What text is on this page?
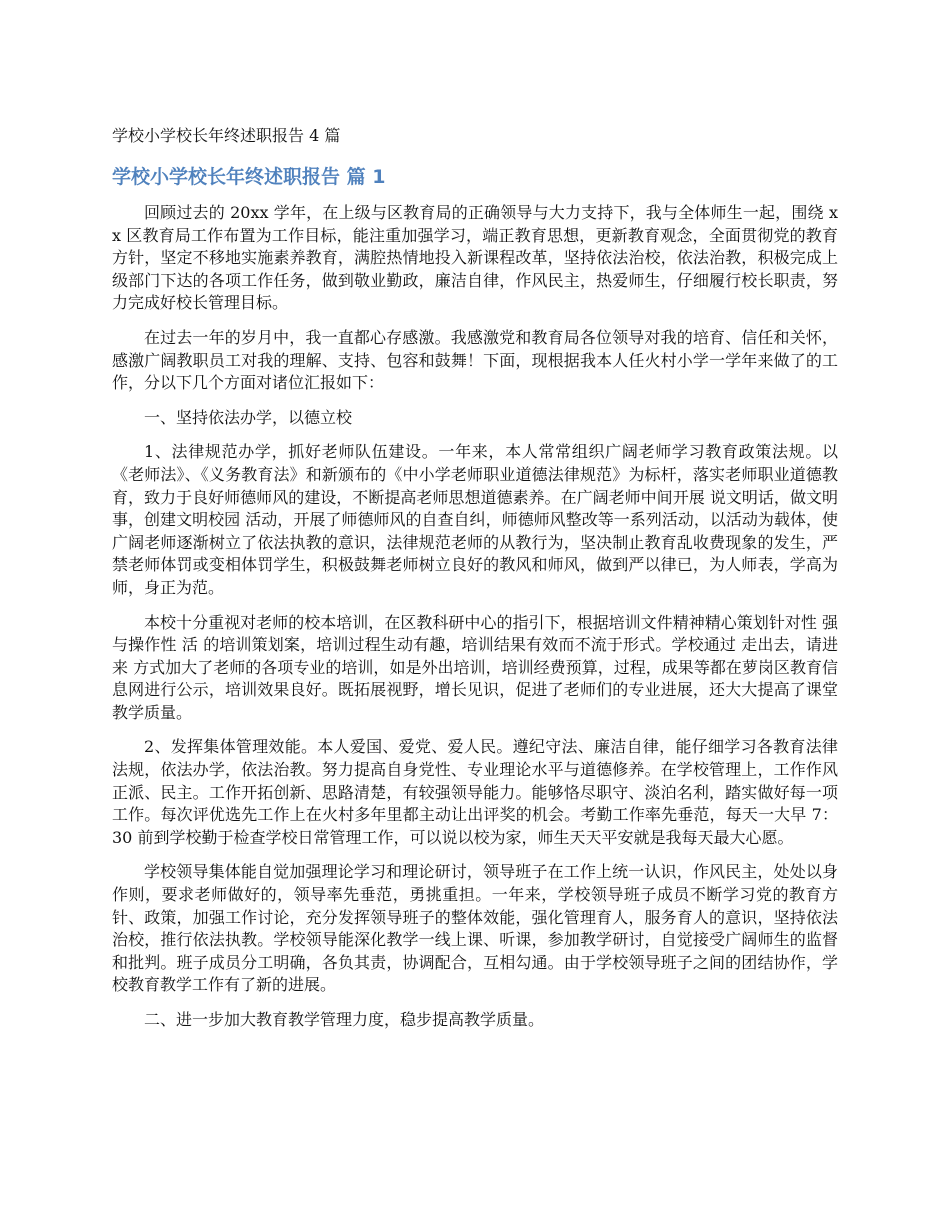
学校小学校长年终述职报告 4 篇
学校小学校长年终述职报告 篇 1

回顾过去的 20xx 学年，在上级与区教育局的正确领导与大力支持下，我与全体师生一起，围绕 xx 区教育局工作布置为工作目标，能注重加强学习，端正教育思想，更新教育观念，全面贯彻党的教育方针，坚定不移地实施素养教育，满腔热情地投入新课程改革，坚持依法治校，依法治教，积极完成上级部门下达的各项工作任务，做到敬业勤政，廉洁自律，作风民主，热爱师生，仔细履行校长职责，努力完成好校长管理目标。

在过去一年的岁月中，我一直都心存感激。我感激党和教育局各位领导对我的培育、信任和关怀，感激广阔教职员工对我的理解、支持、包容和鼓舞！下面，现根据我本人任火村小学一学年来做了的工作，分以下几个方面对诸位汇报如下：

一、坚持依法办学，以德立校

1、法律规范办学，抓好老师队伍建设。一年来，本人常常组织广阔老师学习教育政策法规。以《老师法》、《义务教育法》和新颁布的《中小学老师职业道德法律规范》为标杆，落实老师职业道德教育，致力于良好师德师风的建设，不断提高老师思想道德素养。在广阔老师中间开展 说文明话，做文明事，创建文明校园 活动，开展了师德师风的自查自纠，师德师风整改等一系列活动，以活动为载体，使广阔老师逐渐树立了依法执教的意识，法律规范老师的从教行为，坚决制止教育乱收费现象的发生，严禁老师体罚或变相体罚学生，积极鼓舞老师树立良好的教风和师风，做到严以律已，为人师表，学高为师，身正为范。

本校十分重视对老师的校本培训，在区教科研中心的指引下，根据培训文件精神精心策划针对性 强 与操作性 活 的培训策划案，培训过程生动有趣，培训结果有效而不流于形式。学校通过 走出去，请进来 方式加大了老师的各项专业的培训，如是外出培训，培训经费预算，过程，成果等都在萝岗区教育信息网进行公示，培训效果良好。既拓展视野，增长见识，促进了老师们的专业进展，还大大提高了课堂教学质量。

2、发挥集体管理效能。本人爱国、爱党、爱人民。遵纪守法、廉洁自律，能仔细学习各教育法律法规，依法办学，依法治教。努力提高自身党性、专业理论水平与道德修养。在学校管理上，工作作风正派、民主。工作开拓创新、思路清楚，有较强领导能力。能够恪尽职守、淡泊名利，踏实做好每一项工作。每次评优选先工作上在火村多年里都主动让出评奖的机会。考勤工作率先垂范，每天一大早 7：30 前到学校勤于检查学校日常管理工作，可以说以校为家，师生天天平安就是我每天最大心愿。

学校领导集体能自觉加强理论学习和理论研讨，领导班子在工作上统一认识，作风民主，处处以身作则，要求老师做好的，领导率先垂范，勇挑重担。一年来，学校领导班子成员不断学习党的教育方针、政策，加强工作讨论，充分发挥领导班子的整体效能，强化管理育人，服务育人的意识，坚持依法治校，推行依法执教。学校领导能深化教学一线上课、听课，参加教学研讨，自觉接受广阔师生的监督和批判。班子成员分工明确，各负其责，协调配合，互相勾通。由于学校领导班子之间的团结协作，学校教育教学工作有了新的进展。

二、进一步加大教育教学管理力度，稳步提高教学质量。
